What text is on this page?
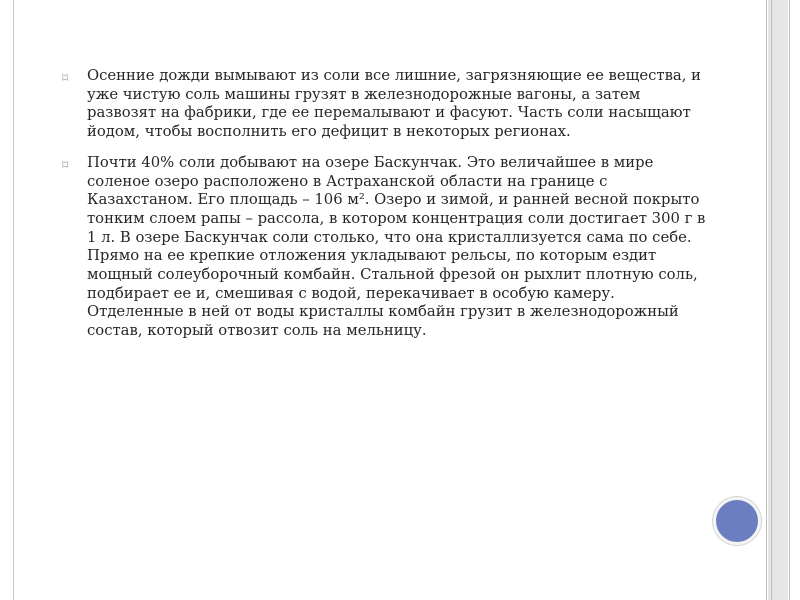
⌑ Осенние дожди вымывают из соли все лишние, загрязняющие ее вещества, и уже чистую соль машины грузят в железнодорожные вагоны, а затем развозят на фабрики, где ее перемалывают и фасуют. Часть соли насыщают йодом, чтобы восполнить его дефицит в некоторых регионах.
⌑ Почти 40% соли добывают на озере Баскунчак. Это величайшее в мире соленое озеро расположено в Астраханской области на границе с Казахстаном. Его площадь – 106 м². Озеро и зимой, и ранней весной покрыто тонким слоем рапы – рассола, в котором концентрация соли достигает 300 г в 1 л. В озере Баскунчак соли столько, что она кристаллизуется сама по себе. Прямо на ее крепкие отложения укладывают рельсы, по которым ездит мощный солеуборочный комбайн. Стальной фрезой он рыхлит плотную соль, подбирает ее и, смешивая с водой, перекачивает в особую камеру. Отделенные в ней от воды кристаллы комбайн грузит в железнодорожный состав, который отвозит соль на мельницу.
